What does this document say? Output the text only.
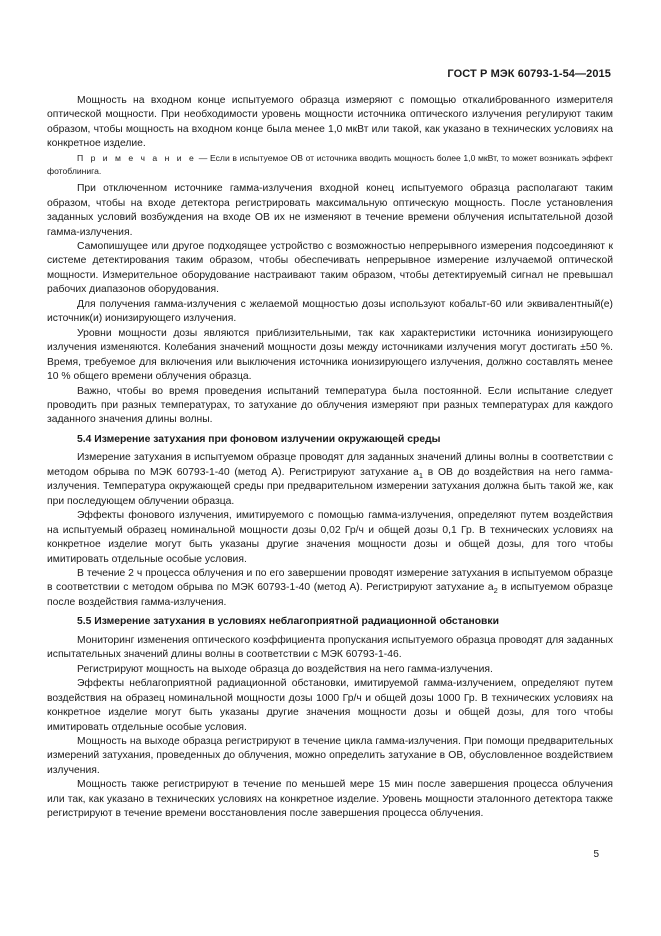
ГОСТ Р МЭК 60793-1-54—2015

Мощность на входном конце испытуемого образца измеряют с помощью откалиброванного измерителя оптической мощности. При необходимости уровень мощности источника оптического излучения регулируют таким образом, чтобы мощность на входном конце была менее 1,0 мкВт или такой, как указано в технических условиях на конкретное изделие.

П р и м е ч а н и е — Если в испытуемое ОВ от источника вводить мощность более 1,0 мкВт, то может возникать эффект фотоблинига.

При отключенном источнике гамма-излучения входной конец испытуемого образца располагают таким образом, чтобы на входе детектора регистрировать максимальную оптическую мощность. После установления заданных условий возбуждения на входе ОВ их не изменяют в течение времени облучения испытательной дозой гамма-излучения.

Самопишущее или другое подходящее устройство с возможностью непрерывного измерения подсоединяют к системе детектирования таким образом, чтобы обеспечивать непрерывное измерение излучаемой оптической мощности. Измерительное оборудование настраивают таким образом, чтобы детектируемый сигнал не превышал рабочих диапазонов оборудования.

Для получения гамма-излучения с желаемой мощностью дозы используют кобальт-60 или эквивалентный(е) источник(и) ионизирующего излучения.

Уровни мощности дозы являются приблизительными, так как характеристики источника ионизирующего излучения изменяются. Колебания значений мощности дозы между источниками излучения могут достигать ±50 %. Время, требуемое для включения или выключения источника ионизирующего излучения, должно составлять менее 10 % общего времени облучения образца.

Важно, чтобы во время проведения испытаний температура была постоянной. Если испытание следует проводить при разных температурах, то затухание до облучения измеряют при разных температурах для каждого заданного значения длины волны.

5.4 Измерение затухания при фоновом излучении окружающей среды

Измерение затухания в испытуемом образце проводят для заданных значений длины волны в соответствии с методом обрыва по МЭК 60793-1-40 (метод А). Регистрируют затухание $a_1$ в ОВ до воздействия на него гамма-излучения. Температура окружающей среды при предварительном измерении затухания должна быть такой же, как при последующем облучении образца.

Эффекты фонового излучения, имитируемого с помощью гамма-излучения, определяют путем воздействия на испытуемый образец номинальной мощности дозы 0,02 Гр/ч и общей дозы 0,1 Гр. В технических условиях на конкретное изделие могут быть указаны другие значения мощности дозы и общей дозы, для того чтобы имитировать отдельные особые условия.

В течение 2 ч процесса облучения и по его завершении проводят измерение затухания в испытуемом образце в соответствии с методом обрыва по МЭК 60793-1-40 (метод А). Регистрируют затухание $a_2$ в испытуемом образце после воздействия гамма-излучения.

5.5 Измерение затухания в условиях неблагоприятной радиационной обстановки

Мониторинг изменения оптического коэффициента пропускания испытуемого образца проводят для заданных испытательных значений длины волны в соответствии с МЭК 60793-1-46.

Регистрируют мощность на выходе образца до воздействия на него гамма-излучения.

Эффекты неблагоприятной радиационной обстановки, имитируемой гамма-излучением, определяют путем воздействия на образец номинальной мощности дозы 1000 Гр/ч и общей дозы 1000 Гр. В технических условиях на конкретное изделие могут быть указаны другие значения мощности дозы и общей дозы, для того чтобы имитировать отдельные особые условия.

Мощность на выходе образца регистрируют в течение цикла гамма-излучения. При помощи предварительных измерений затухания, проведенных до облучения, можно определить затухание в ОВ, обусловленное воздействием излучения.

Мощность также регистрируют в течение по меньшей мере 15 мин после завершения процесса облучения или так, как указано в технических условиях на конкретное изделие. Уровень мощности эталонного детектора также регистрируют в течение времени восстановления после завершения процесса облучения.

5
